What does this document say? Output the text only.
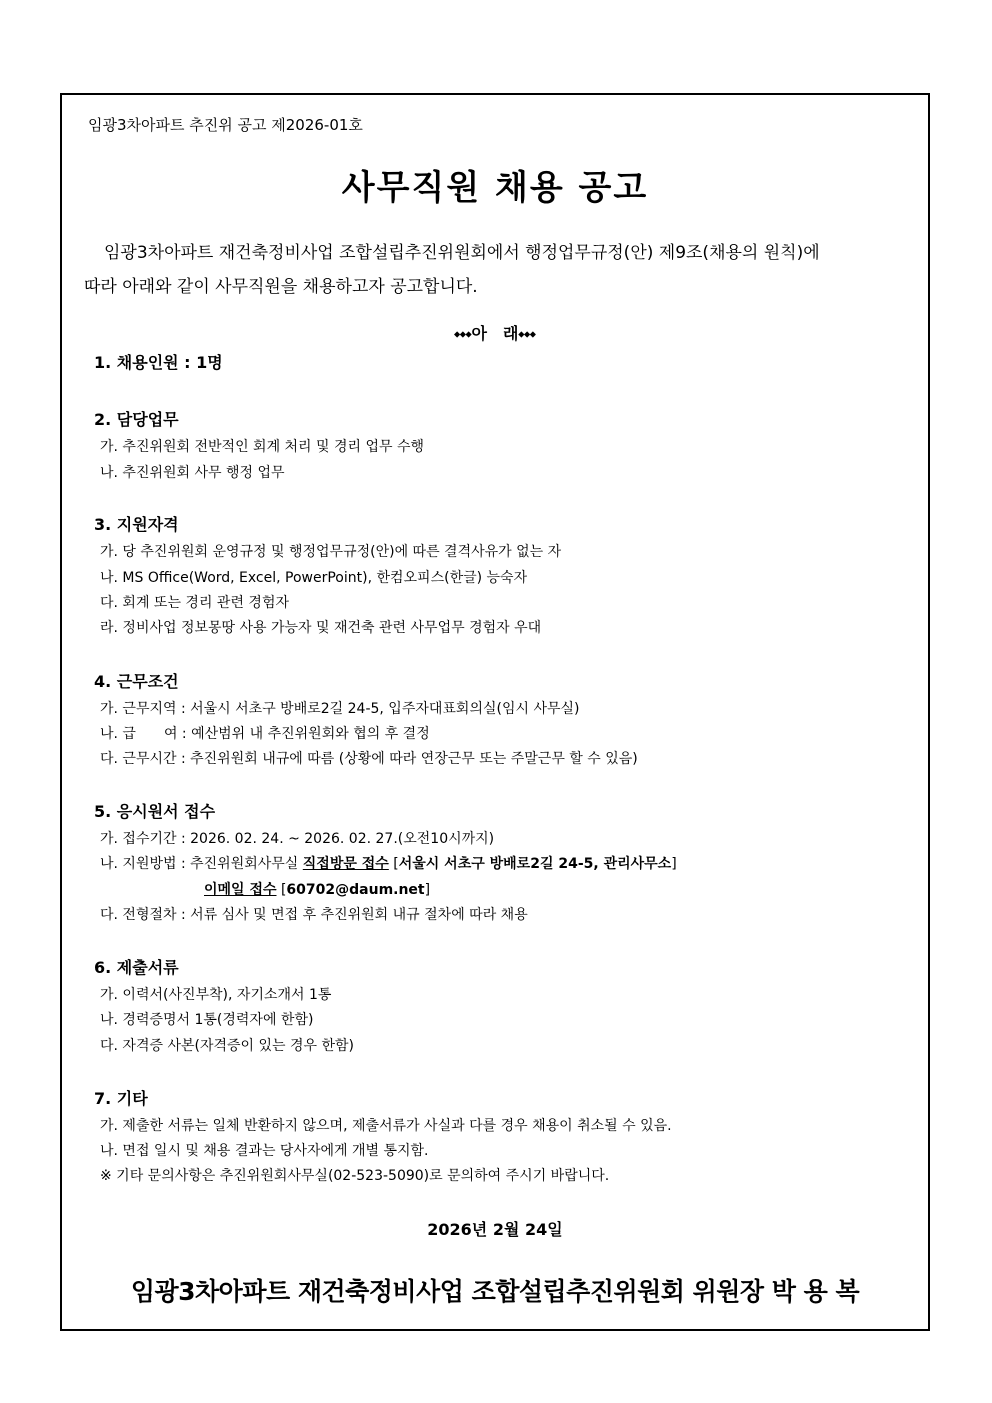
임광3차아파트 추진위 공고 제2026-01호
사무직원 채용 공고
임광3차아파트 재건축정비사업 조합설립추진위원회에서 행정업무규정(안) 제9조(채용의 원칙)에
따라 아래와 같이 사무직원을 채용하고자 공고합니다.
⬩⬩⬩아　래⬩⬩⬩
1. 채용인원 : 1명
2. 담당업무
가. 추진위원회 전반적인 회계 처리 및 경리 업무 수행
나. 추진위원회 사무 행정 업무
3. 지원자격
가. 당 추진위원회 운영규정 및 행정업무규정(안)에 따른 결격사유가 없는 자
나. MS Office(Word, Excel, PowerPoint), 한컴오피스(한글) 능숙자
다. 회계 또는 경리 관련 경험자
라. 정비사업 정보몽땅 사용 가능자 및 재건축 관련 사무업무 경험자 우대
4. 근무조건
가. 근무지역 : 서울시 서초구 방배로2길 24-5, 입주자대표회의실(임시 사무실)
나. 급　　여 : 예산범위 내 추진위원회와 협의 후 결정
다. 근무시간 : 추진위원회 내규에 따름 (상황에 따라 연장근무 또는 주말근무 할 수 있음)
5. 응시원서 접수
가. 접수기간 : 2026. 02. 24. ~ 2026. 02. 27.(오전10시까지)
나. 지원방법 : 추진위원회사무실 직접방문 접수 [서울시 서초구 방배로2길 24-5, 관리사무소]
이메일 접수 [60702@daum.net]
다. 전형절차 : 서류 심사 및 면접 후 추진위원회 내규 절차에 따라 채용
6. 제출서류
가. 이력서(사진부착), 자기소개서 1통
나. 경력증명서 1통(경력자에 한함)
다. 자격증 사본(자격증이 있는 경우 한함)
7. 기타
가. 제출한 서류는 일체 반환하지 않으며, 제출서류가 사실과 다를 경우 채용이 취소될 수 있음.
나. 면접 일시 및 채용 결과는 당사자에게 개별 통지함.
※ 기타 문의사항은 추진위원회사무실(02-523-5090)로 문의하여 주시기 바랍니다.
2026년 2월 24일
임광3차아파트 재건축정비사업 조합설립추진위원회 위원장 박 용 복
